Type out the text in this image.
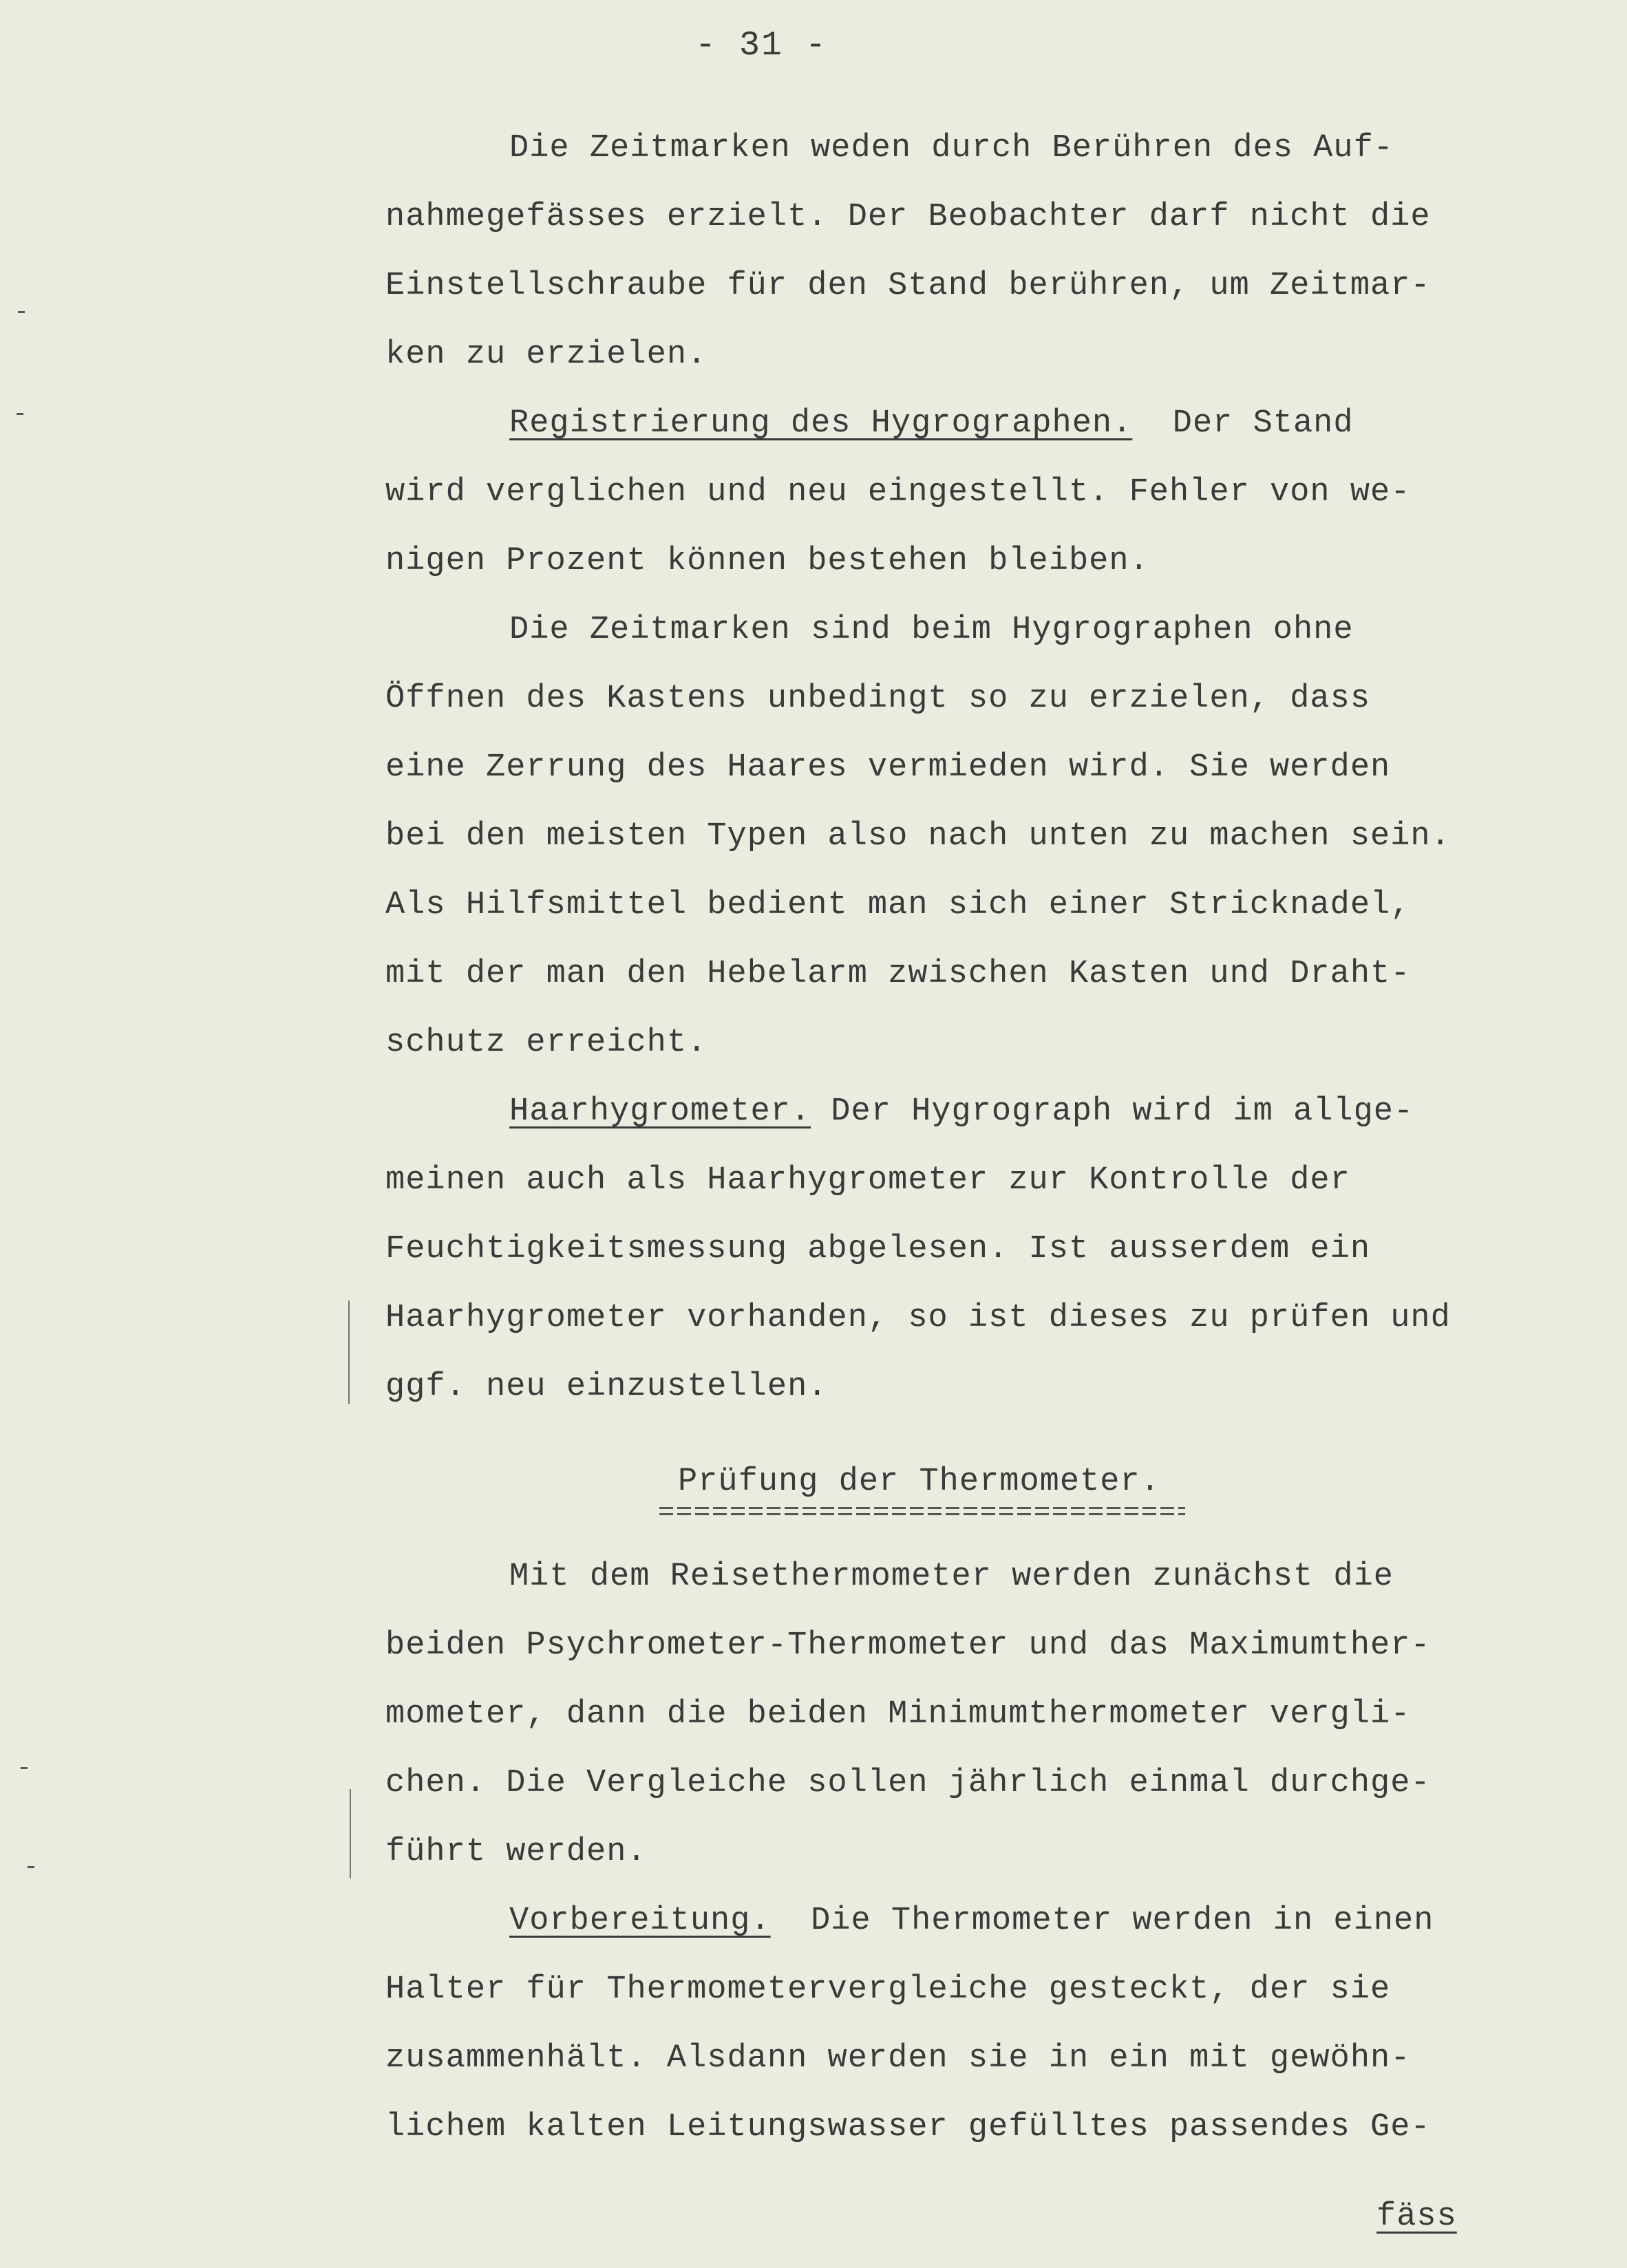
- 31 -
Die Zeitmarken weden durch Berühren des Auf-
nahmegefässes erzielt. Der Beobachter darf nicht die
Einstellschraube für den Stand berühren, um Zeitmar-
ken zu erzielen.
Registrierung des Hygrographen.  Der Stand
wird verglichen und neu eingestellt. Fehler von we-
nigen Prozent können bestehen bleiben.
Die Zeitmarken sind beim Hygrographen ohne
Öffnen des Kastens unbedingt so zu erzielen, dass
eine Zerrung des Haares vermieden wird. Sie werden
bei den meisten Typen also nach unten zu machen sein.
Als Hilfsmittel bedient man sich einer Stricknadel,
mit der man den Hebelarm zwischen Kasten und Draht-
schutz erreicht.
Haarhygrometer. Der Hygrograph wird im allge-
meinen auch als Haarhygrometer zur Kontrolle der
Feuchtigkeitsmessung abgelesen. Ist ausserdem ein
Haarhygrometer vorhanden, so ist dieses zu prüfen und
ggf. neu einzustellen.
Prüfung der Thermometer.
Mit dem Reisethermometer werden zunächst die
beiden Psychrometer-Thermometer und das Maximumther-
mometer, dann die beiden Minimumthermometer vergli-
chen. Die Vergleiche sollen jährlich einmal durchge-
führt werden.
Vorbereitung.  Die Thermometer werden in einen
Halter für Thermometervergleiche gesteckt, der sie
zusammenhält. Alsdann werden sie in ein mit gewöhn-
lichem kalten Leitungswasser gefülltes passendes Ge-
fäss
